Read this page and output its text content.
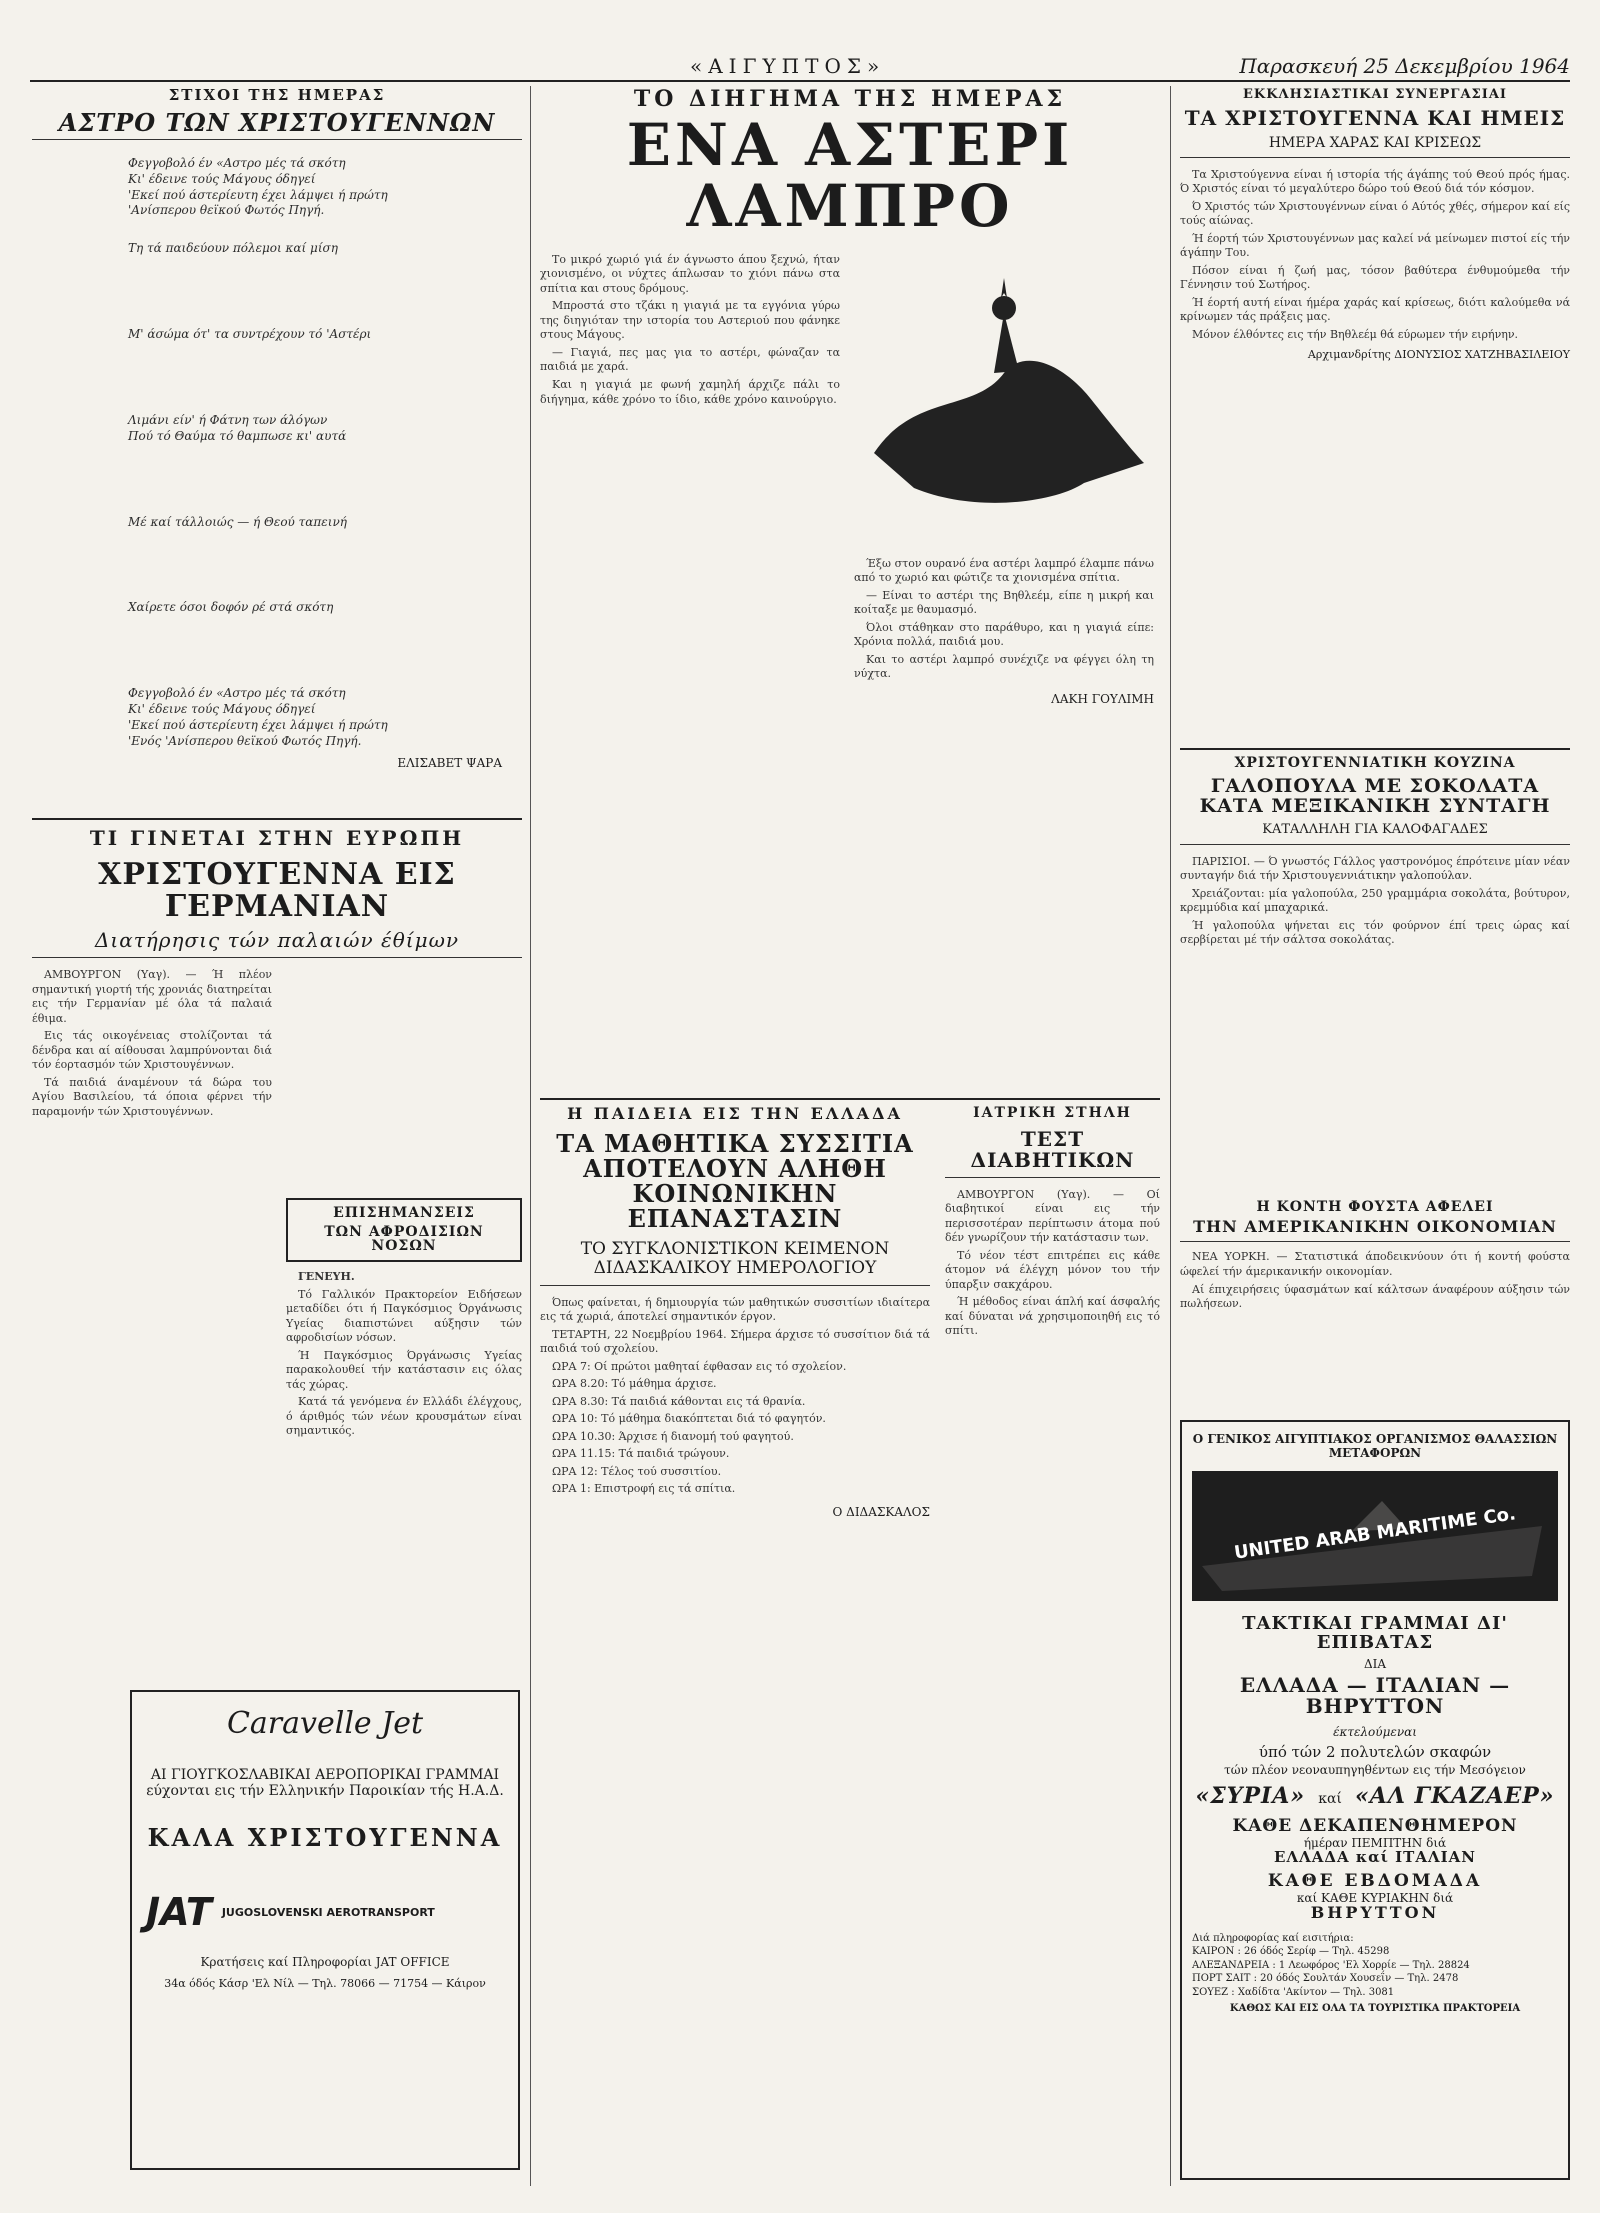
«ΑΙΓΥΠΤΟΣ»	Παρασκευή 25 Δεκεμβρίου 1964
ΣΤΙΧΟΙ ΤΗΣ ΗΜΕΡΑΣ
ΑΣΤΡΟ ΤΩΝ ΧΡΙΣΤΟΥΓΕΝΝΩΝ
Φεγγοβολό έν «Αστρο μές τά σκότη
Κι' έδεινε τούς Μάγους όδηγεί
'Εκεί πού άστερίευτη έχει λάμψει ή πρώτη
'Ανίσπερου θεϊκού Φωτός Πηγή.
Τη τά παιδεύουν πόλεμοι καί μίση
Μ' άσώμα ότ' τα συντρέχουν τό 'Αστέρι
Λιμάνι είν' ή Φάτνη των άλόγων
Πού τό Θαύμα τό θαμπωσε κι' αυτά
Μέ καί τάλλοιώς — ή Θεού ταπεινή
Χαίρετε όσοι δοφόν ρέ στά σκότη
Φεγγοβολό έν «Αστρο μές τά σκότη
Κι' έδεινε τούς Μάγους όδηγεί
'Εκεί πού άστερίευτη έχει λάμψει ή πρώτη
'Ενός 'Ανίσπερου θεϊκού Φωτός Πηγή.
ΕΛΙΣΑΒΕΤ ΨΑΡΑ
ΤΙ ΓΙΝΕΤΑΙ ΣΤΗΝ ΕΥΡΩΠΗ
ΧΡΙΣΤΟΥΓΕΝΝΑ ΕΙΣ ΓΕΡΜΑΝΙΑΝ
Διατήρησις τών παλαιών έθίμων

ΑΜΒΟΥΡΓΟΝ (Υαγ). — Ή πλέον σημαντική γιορτή τής χρονιάς διατηρείται εις τήν Γερμανίαν μέ όλα τά παλαιά έθιμα.

Εις τάς οικογένειας στολίζονται τά δένδρα και αί αίθουσαι λαμπρύνονται διά τόν έορτασμόν τών Χριστουγέννων.

Τά παιδιά άναμένουν τά δώρα του Αγίου Βασιλείου, τά όποια φέρνει τήν παραμονήν τών Χριστουγέννων.

ΕΠΙΣΗΜΑΝΣΕΙΣ
ΤΩΝ ΑΦΡΟΔΙΣΙΩΝ ΝΟΣΩΝ

ΓΕΝΕΥΗ.

Τό Γαλλικόν Πρακτορείον Ειδήσεων μεταδίδει ότι ή Παγκόσμιος Όργάνωσις Υγείας διαπιστώνει αύξησιν τών αφροδισίων νόσων.

Ή Παγκόσμιος Όργάνωσις Υγείας παρακολουθεί τήν κατάστασιν εις όλας τάς χώρας.

Κατά τά γενόμενα έν Ελλάδι έλέγχους, ό άριθμός τών νέων κρουσμάτων είναι σημαντικός.

Caravelle Jet
ΑΙ ΓΙΟΥΓΚΟΣΛΑΒΙΚΑΙ ΑΕΡΟΠΟΡΙΚΑΙ ΓΡΑΜΜΑΙ εύχονται εις τήν Ελληνικήν Παροικίαν τής Η.Α.Δ.
ΚΑΛΑ ΧΡΙΣΤΟΥΓΕΝΝΑ
JAT JUGOSLOVENSKI AEROTRANSPORT
Κρατήσεις καί Πληροφορίαι JAT OFFICE
34α όδός Κάσρ 'Ελ Νίλ — Τηλ. 78066 — 71754 — Κάιρον
ΤΟ ΔΙΗΓΗΜΑ ΤΗΣ ΗΜΕΡΑΣ
ΕΝΑ ΑΣΤΕΡΙ ΛΑΜΠΡΟ

Το μικρό χωριό γιά έν άγνωστο άπου ξεχνώ, ήταν χιονισμένο, οι νύχτες άπλωσαν το χιόνι πάνω στα σπίτια και στους δρόμους.

Μπροστά στο τζάκι η γιαγιά με τα εγγόνια γύρω της διηγιόταν την ιστορία του Αστεριού που φάνηκε στους Μάγους.

— Γιαγιά, πες μας για το αστέρι, φώναζαν τα παιδιά με χαρά.

Και η γιαγιά με φωνή χαμηλή άρχιζε πάλι το διήγημα, κάθε χρόνο το ίδιο, κάθε χρόνο καινούργιο.

Έξω στον ουρανό ένα αστέρι λαμπρό έλαμπε πάνω από το χωριό και φώτιζε τα χιονισμένα σπίτια.

— Είναι το αστέρι της Βηθλεέμ, είπε η μικρή και κοίταξε με θαυμασμό.

Όλοι στάθηκαν στο παράθυρο, και η γιαγιά είπε: Χρόνια πολλά, παιδιά μου.

Και το αστέρι λαμπρό συνέχιζε να φέγγει όλη τη νύχτα.

ΛΑΚΗ ΓΟΥΛΙΜΗ
Η ΠΑΙΔΕΙΑ ΕΙΣ ΤΗΝ ΕΛΛΑΔΑ
ΤΑ ΜΑΘΗΤΙΚΑ ΣΥΣΣΙΤΙΑ ΑΠΟΤΕΛΟΥΝ ΑΛΗΘΗ ΚΟΙΝΩΝΙΚΗΝ ΕΠΑΝΑΣΤΑΣΙΝ
ΤΟ ΣΥΓΚΛΟΝΙΣΤΙΚΟΝ ΚΕΙΜΕΝΟΝ ΔΙΔΑΣΚΑΛΙΚΟΥ ΗΜΕΡΟΛΟΓΙΟΥ

Όπως φαίνεται, ή δημιουργία τών μαθητικών συσσιτίων ιδιαίτερα εις τά χωριά, άποτελεί σημαντικόν έργον.

ΤΕΤΑΡΤΗ, 22 Νοεμβρίου 1964. Σήμερα άρχισε τό συσσίτιον διά τά παιδιά τού σχολείου.

ΩΡΑ 7: Οί πρώτοι μαθηταί έφθασαν εις τό σχολείον.

ΩΡΑ 8.20: Τό μάθημα άρχισε.

ΩΡΑ 8.30: Τά παιδιά κάθονται εις τά θρανία.

ΩΡΑ 10: Τό μάθημα διακόπτεται διά τό φαγητόν.

ΩΡΑ 10.30: Άρχισε ή διανομή τού φαγητού.

ΩΡΑ 11.15: Τά παιδιά τρώγουν.

ΩΡΑ 12: Τέλος τού συσσιτίου.

ΩΡΑ 1: Επιστροφή εις τά σπίτια.

Ο ΔΙΔΑΣΚΑΛΟΣ
ΙΑΤΡΙΚΗ ΣΤΗΛΗ
ΤΕΣΤ ΔΙΑΒΗΤΙΚΩΝ

ΑΜΒΟΥΡΓΟΝ (Υαγ). — Οί διαβητικοί είναι εις τήν περισσοτέραν περίπτωσιν άτομα πού δέν γνωρίζουν τήν κατάστασιν των.

Τό νέον τέστ επιτρέπει εις κάθε άτομον νά έλέγχη μόνον του τήν ύπαρξιν σακχάρου.

Ή μέθοδος είναι άπλή καί άσφαλής καί δύναται νά χρησιμοποιηθή εις τό σπίτι.

ΕΚΚΛΗΣΙΑΣΤΙΚΑΙ ΣΥΝΕΡΓΑΣΙΑΙ
ΤΑ ΧΡΙΣΤΟΥΓΕΝΝΑ ΚΑΙ ΗΜΕΙΣ
ΗΜΕΡΑ ΧΑΡΑΣ ΚΑΙ ΚΡΙΣΕΩΣ

Τα Χριστούγεννα είναι ή ιστορία τής άγάπης τού Θεού πρός ήμας. Ό Χριστός είναι τό μεγαλύτερο δώρο τού Θεού διά τόν κόσμον.

Ό Χριστός τών Χριστουγέννων είναι ό Αύτός χθές, σήμερον καί είς τούς αίώνας.

Ή έορτή τών Χριστουγέννων μας καλεί νά μείνωμεν πιστοί είς τήν άγάπην Του.

Πόσον είναι ή ζωή μας, τόσον βαθύτερα ένθυμούμεθα τήν Γέννησιν τού Σωτήρος.

Ή έορτή αυτή είναι ήμέρα χαράς καί κρίσεως, διότι καλούμεθα νά κρίνωμεν τάς πράξεις μας.

Μόνον έλθόντες εις τήν Βηθλεέμ θά εύρωμεν τήν ειρήνην.

Αρχιμανδρίτης ΔΙΟΝΥΣΙΟΣ ΧΑΤΖΗΒΑΣΙΛΕΙΟΥ
ΧΡΙΣΤΟΥΓΕΝΝΙΑΤΙΚΗ ΚΟΥΖΙΝΑ
ΓΑΛΟΠΟΥΛΑ ΜΕ ΣΟΚΟΛΑΤΑ ΚΑΤΑ ΜΕΞΙΚΑΝΙΚΗ ΣΥΝΤΑΓΗ
ΚΑΤΑΛΛΗΛΗ ΓΙΑ ΚΑΛΟΦΑΓΑΔΕΣ

ΠΑΡΙΣΙΟΙ. — Ό γνωστός Γάλλος γαστρονόμος έπρότεινε μίαν νέαν συνταγήν διά τήν Χριστουγεννιάτικην γαλοπούλαν.

Χρειάζονται: μία γαλοπούλα, 250 γραμμάρια σοκολάτα, βούτυρον, κρεμμύδια καί μπαχαρικά.

Ή γαλοπούλα ψήνεται εις τόν φούρνον έπί τρεις ώρας καί σερβίρεται μέ τήν σάλτσα σοκολάτας.

Η ΚΟΝΤΗ ΦΟΥΣΤΑ ΑΦΕΛΕΙ
ΤΗΝ ΑΜΕΡΙΚΑΝΙΚΗΝ ΟΙΚΟΝΟΜΙΑΝ

ΝΕΑ ΥΟΡΚΗ. — Στατιστικά άποδεικνύουν ότι ή κοντή φούστα ώφελεί τήν άμερικανικήν οικονομίαν.

Αί έπιχειρήσεις ύφασμάτων καί κάλτσων άναφέρουν αύξησιν τών πωλήσεων.

Ο ΓΕΝΙΚΟΣ ΑΙΓΥΠΤΙΑΚΟΣ ΟΡΓΑΝΙΣΜΟΣ ΘΑΛΑΣΣΙΩΝ ΜΕΤΑΦΟΡΩΝ
UNITED ARAB MARITIME Co.
ΤΑΚΤΙΚΑΙ ΓΡΑΜΜΑΙ ΔΙ' ΕΠΙΒΑΤΑΣ
ΔΙΑ
ΕΛΛΑΔΑ — ΙΤΑΛΙΑΝ — ΒΗΡΥΤΤΟΝ
έκτελούμεναι
ύπό τών 2 πολυτελών σκαφών
τών πλέον νεοναυπηγηθέντων εις τήν Μεσόγειον
«ΣΥΡΙΑ» καί «ΑΛ ΓΚΑΖΑΕΡ»
ΚΑΘΕ ΔΕΚΑΠΕΝΘΗΜΕΡΟΝ
ήμέραν ΠΕΜΠΤΗΝ διά
ΕΛΛΑΔΑ καί ΙΤΑΛΙΑΝ
ΚΑΘΕ ΕΒΔΟΜΑΔΑ
καί ΚΑΘΕ ΚΥΡΙΑΚΗΝ διά
ΒΗΡΥΤΤΟΝ
Διά πληροφορίας καί εισιτήρια:
ΚΑΙΡΟΝ : 26 όδός Σερίφ — Τηλ. 45298
ΑΛΕΞΑΝΔΡΕΙΑ : 1 Λεωφόρος 'Ελ Χορρίε — Τηλ. 28824
ΠΟΡΤ ΣΑΙΤ : 20 όδός Σουλτάν Χουσεΐν — Τηλ. 2478
ΣΟΥΕΖ : Χαδίδτα 'Ακίντον — Τηλ. 3081
ΚΑΘΩΣ ΚΑΙ ΕΙΣ ΟΛΑ ΤΑ ΤΟΥΡΙΣΤΙΚΑ ΠΡΑΚΤΟΡΕΙΑ
